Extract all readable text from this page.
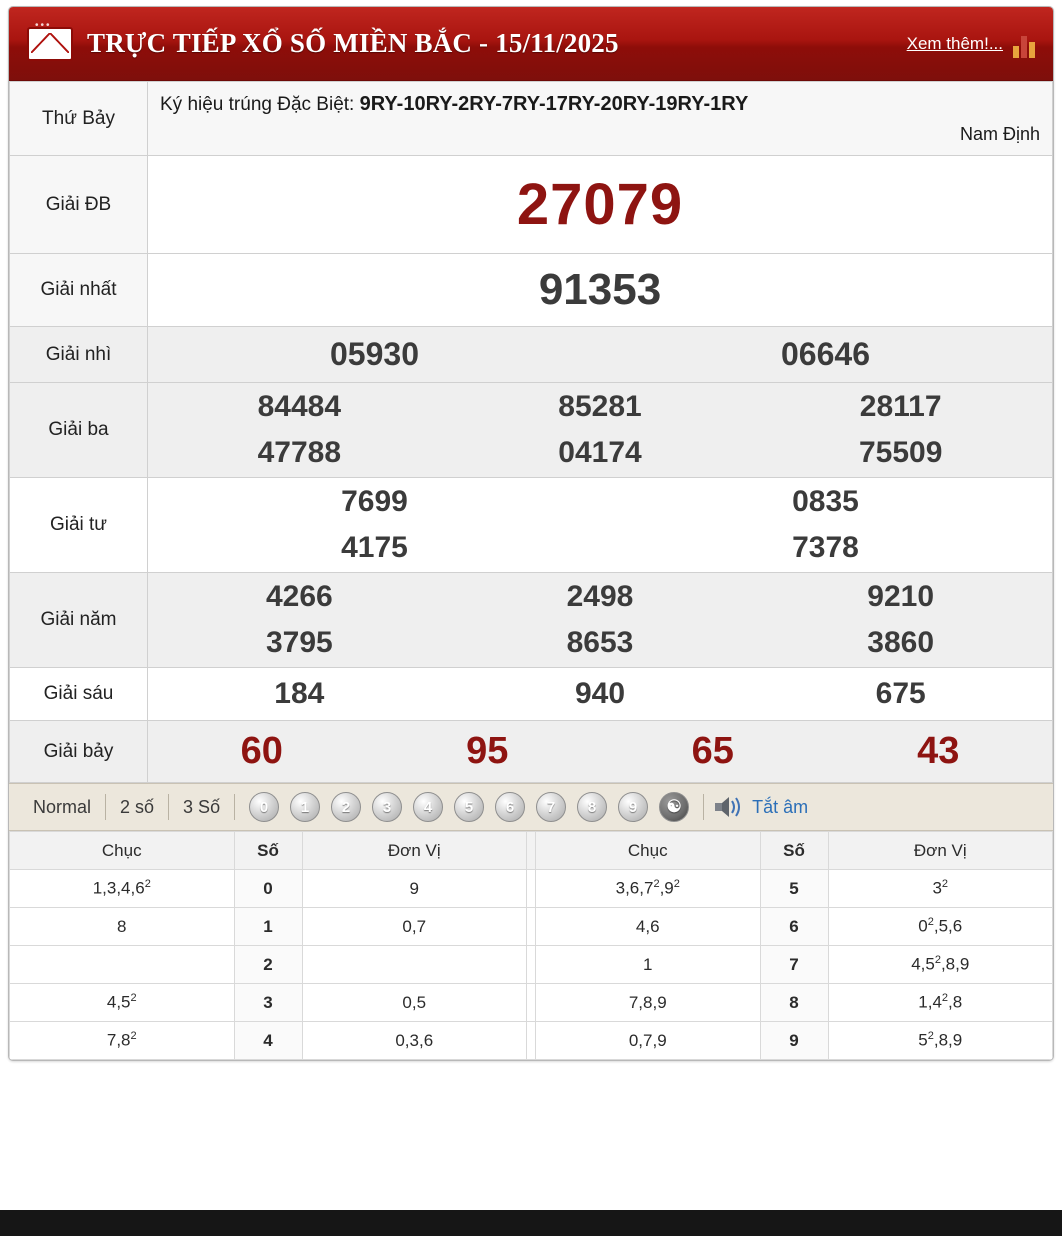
•••
TRỰC TIẾP XỔ SỐ MIỀN BẮC - 15/11/2025	Xem thêm!...
Thứ Bảy	Ký hiệu trúng Đặc Biệt: 9RY-10RY-2RY-7RY-17RY-20RY-19RY-1RY
Nam Định

Giải ĐB	27079

Giải nhất	91353

Giải nhì	05930 06646

Giải ba	
84484	85281	28117
47788	04174	75509

Giải tư	7699 0835
4175 7378

Giải năm	
4266	2498	9210
3795	8653	3860

Giải sáu	184 940 675

Giải bảy	60 95 65 43
Normal	2 số	3 Số	0	1	2	3	4	5	6	7	8	9	☯	Tắt âm
Chục	Số	Đơn Vị		Chục	Số	Đơn Vị
1,3,4,6$^2$	0	9		$3,6,7^2,9^2$	5	$3^2$
8	1	0,7		4,6	6	$0^2,5,6$
	2			1	7	$4,5^2,8,9$
$4,5^2$	3	0,5		7,8,9	8	$1,4^2,8$
$7,8^2$	4	0,3,6		0,7,9	9	$5^2,8,9$
